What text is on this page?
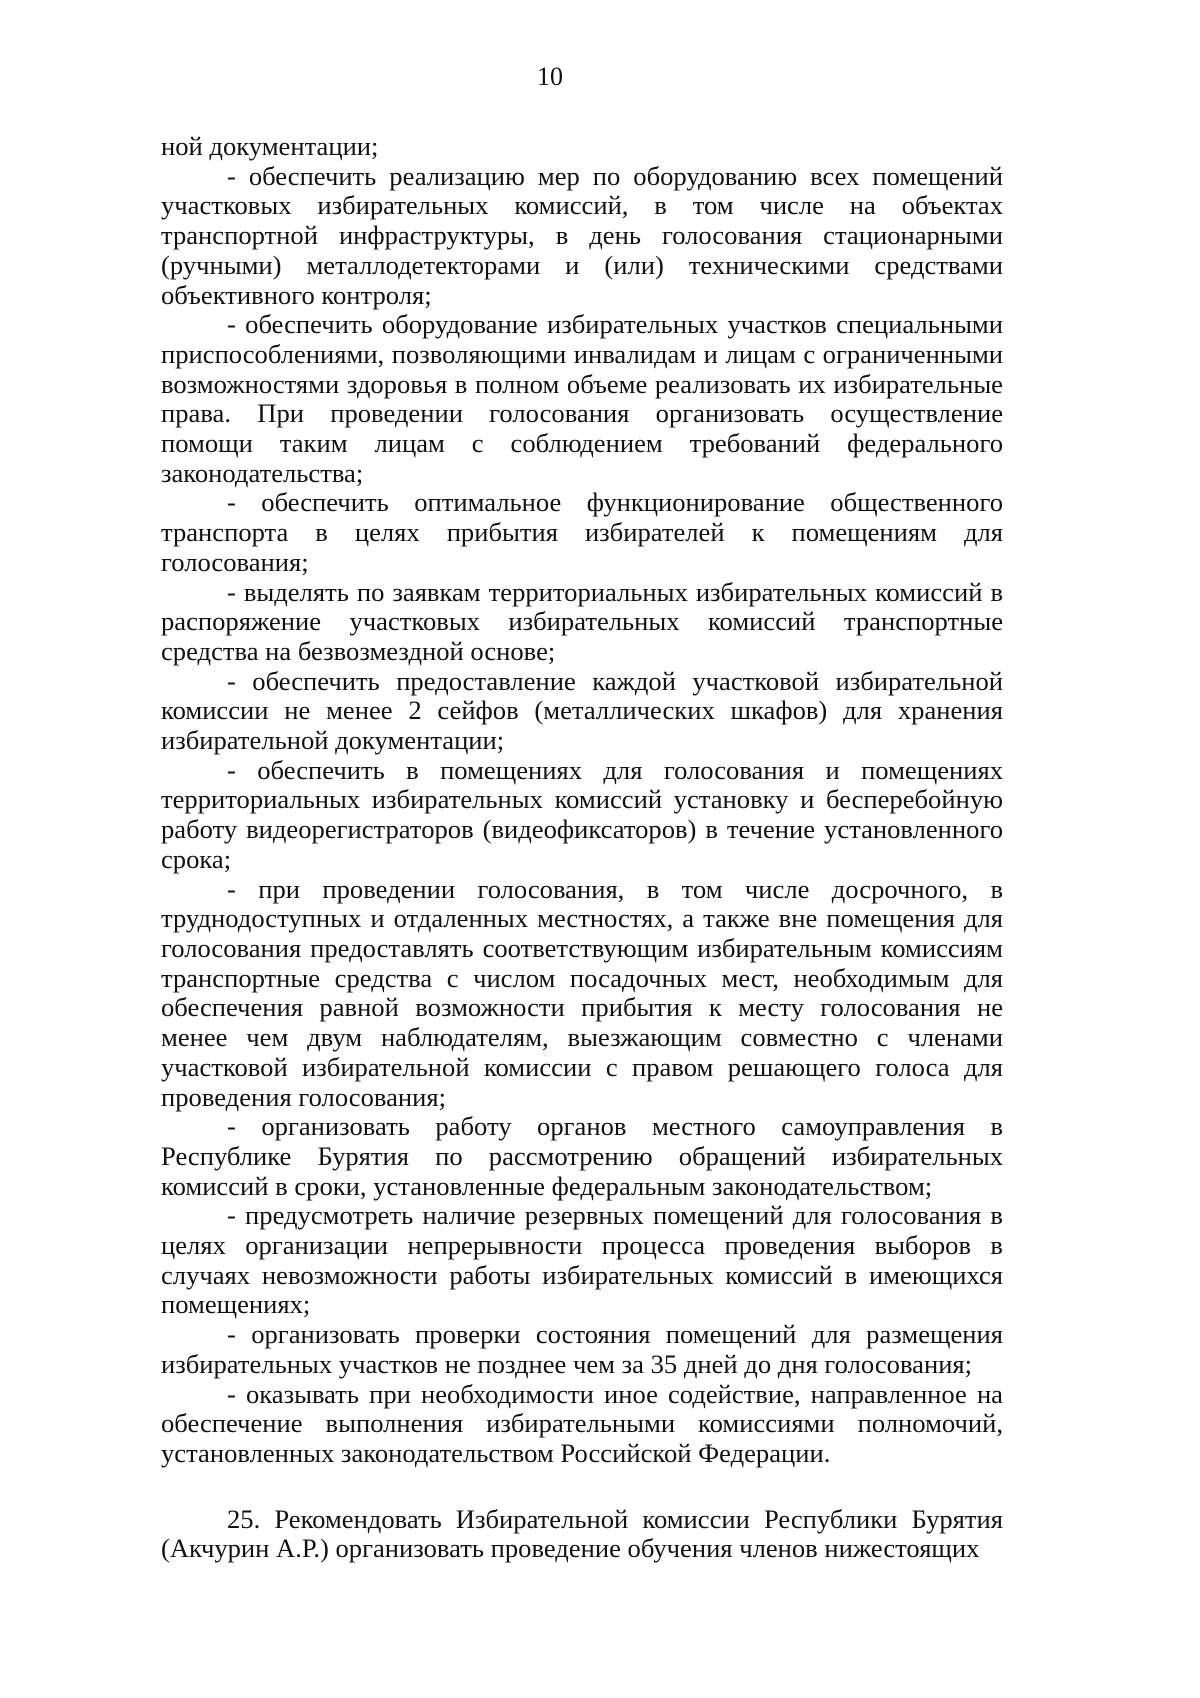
10

ной документации;

- обеспечить реализацию мер по оборудованию всех помещений участковых избирательных комиссий, в том числе на объектах транспортной инфраструктуры, в день голосования стационарными (ручными) металлодетекторами и (или) техническими средствами объективного контроля;

- обеспечить оборудование избирательных участков специальными приспособлениями, позволяющими инвалидам и лицам с ограниченными возможностями здоровья в полном объеме реализовать их избирательные права. При проведении голосования организовать осуществление помощи таким лицам с соблюдением требований федерального законодательства;

- обеспечить оптимальное функционирование общественного транспорта в целях прибытия избирателей к помещениям для голосования;

- выделять по заявкам территориальных избирательных комиссий в распоряжение участковых избирательных комиссий транспортные средства на безвозмездной основе;

- обеспечить предоставление каждой участковой избирательной комиссии не менее 2 сейфов (металлических шкафов) для хранения избирательной документации;

- обеспечить в помещениях для голосования и помещениях территориальных избирательных комиссий установку и бесперебойную работу видеорегистраторов (видеофиксаторов) в течение установленного срока;

- при проведении голосования, в том числе досрочного, в труднодоступных и отдаленных местностях, а также вне помещения для голосования предоставлять соответствующим избирательным комиссиям транспортные средства с числом посадочных мест, необходимым для обеспечения равной возможности прибытия к месту голосования не менее чем двум наблюдателям, выезжающим совместно с членами участковой избирательной комиссии с правом решающего голоса для проведения голосования;

- организовать работу органов местного самоуправления в Республике Бурятия по рассмотрению обращений избирательных комиссий в сроки, установленные федеральным законодательством;

- предусмотреть наличие резервных помещений для голосования в целях организации непрерывности процесса проведения выборов в случаях невозможности работы избирательных комиссий в имеющихся помещениях;

- организовать проверки состояния помещений для размещения избирательных участков не позднее чем за 35 дней до дня голосования;

- оказывать при необходимости иное содействие, направленное на обеспечение выполнения избирательными комиссиями полномочий, установленных законодательством Российской Федерации.

25. Рекомендовать Избирательной комиссии Республики Бурятия (Акчурин А.Р.) организовать проведение обучения членов нижестоящих
